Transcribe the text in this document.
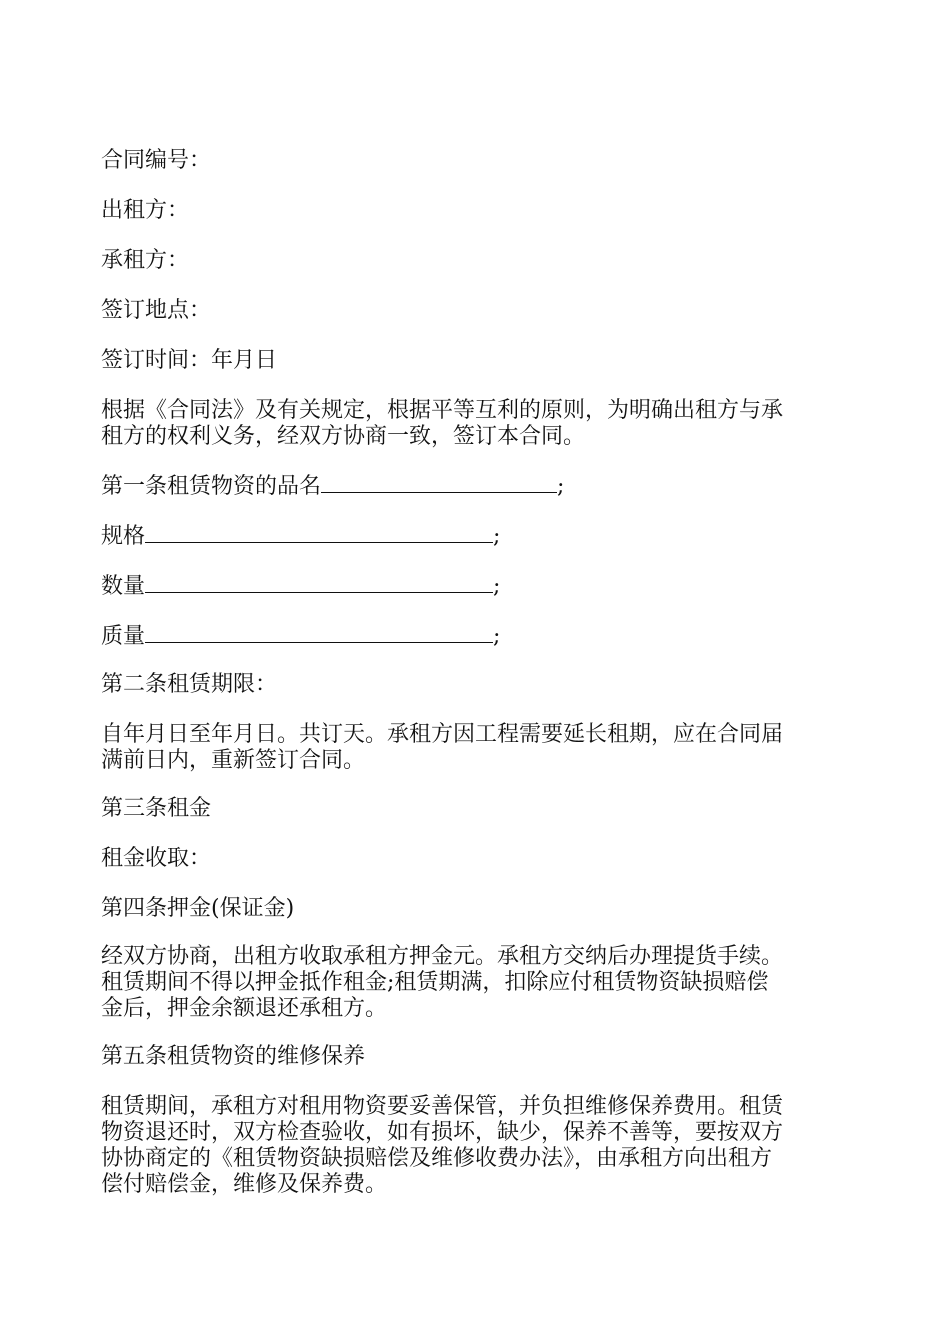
合同编号：

出租方：

承租方：

签订地点：

签订时间：年月日

根据《合同法》及有关规定，根据平等互利的原则，为明确出租方与承
租方的权利义务，经双方协商一致，签订本合同。

第一条租赁物资的品名	;

规格	;

数量	;

质量	;

第二条租赁期限：

自年月日至年月日。共订天。承租方因工程需要延长租期，应在合同届
满前日内，重新签订合同。

第三条租金

租金收取：

第四条押金(保证金)

经双方协商，出租方收取承租方押金元。承租方交纳后办理提货手续。
租赁期间不得以押金抵作租金;租赁期满，扣除应付租赁物资缺损赔偿
金后，押金余额退还承租方。

第五条租赁物资的维修保养

租赁期间，承租方对租用物资要妥善保管，并负担维修保养费用。租赁
物资退还时，双方检查验收，如有损坏，缺少，保养不善等，要按双方
协协商定的《租赁物资缺损赔偿及维修收费办法》，由承租方向出租方
偿付赔偿金，维修及保养费。
